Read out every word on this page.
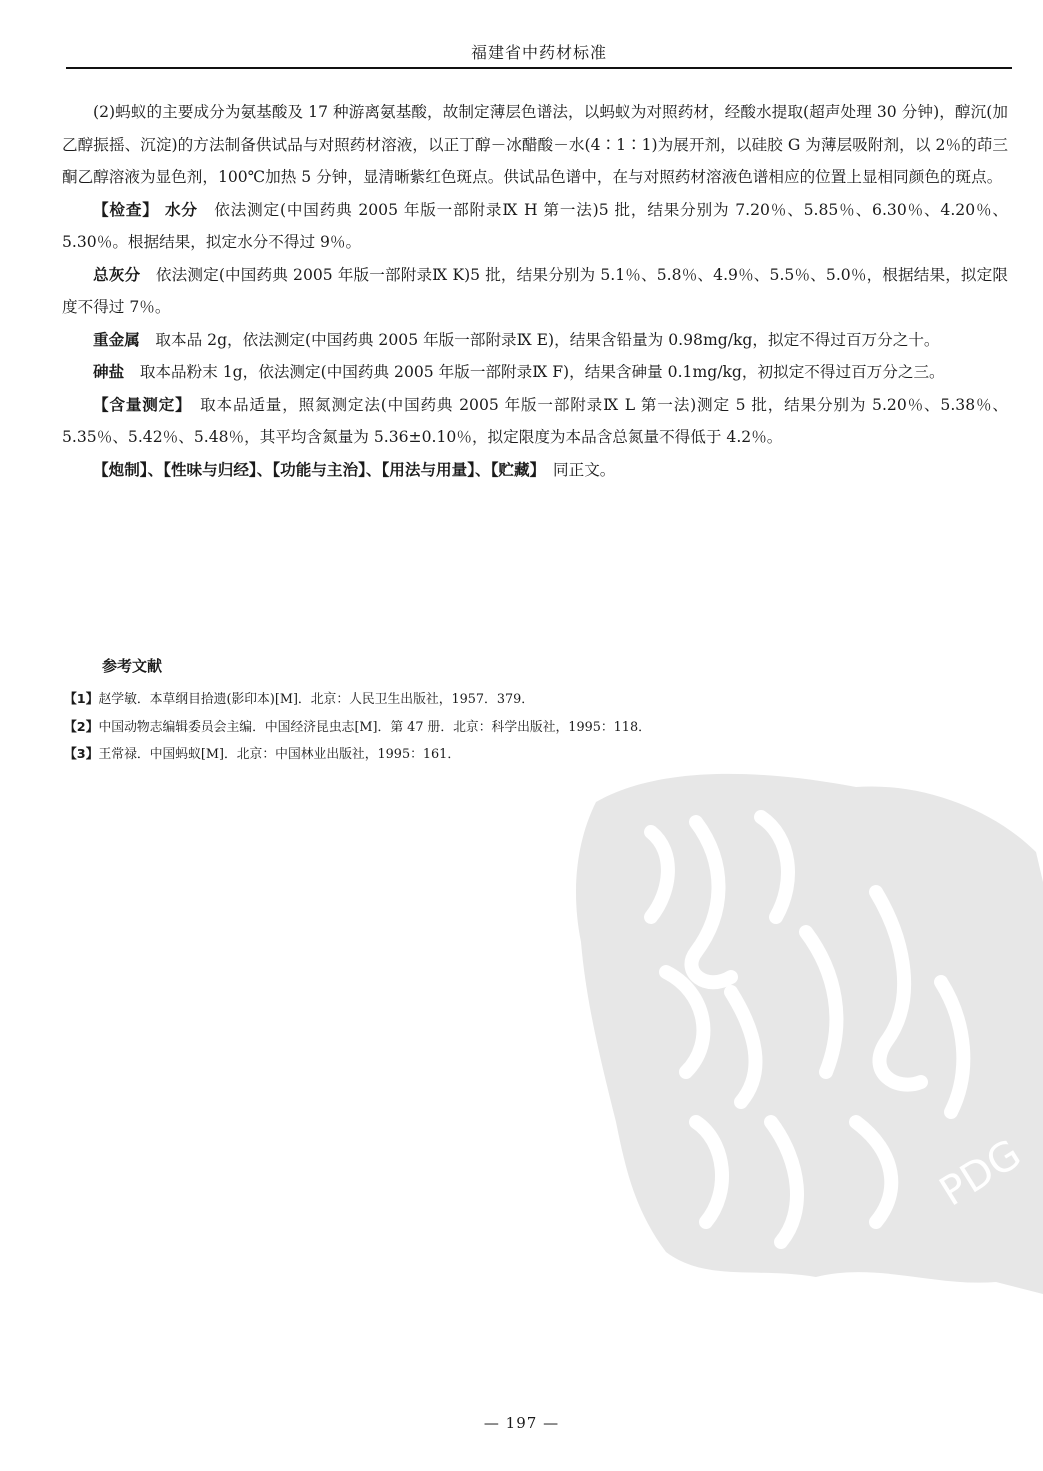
福建省中药材标准

(2)蚂蚁的主要成分为氨基酸及 17 种游离氨基酸，故制定薄层色谱法，以蚂蚁为对照药材，经酸水提取(超声处理 30 分钟)，醇沉(加乙醇振摇、沉淀)的方法制备供试品与对照药材溶液，以正丁醇－冰醋酸－水(4∶1∶1)为展开剂，以硅胶 G 为薄层吸附剂，以 2％的茚三酮乙醇溶液为显色剂，100℃加热 5 分钟，显清晰紫红色斑点。供试品色谱中，在与对照药材溶液色谱相应的位置上显相同颜色的斑点。

【检查】 水分　 依法测定(中国药典 2005 年版一部附录Ⅸ H 第一法)5 批，结果分别为 7.20％、5.85％、6.30％、4.20％、5.30％。根据结果，拟定水分不得过 9％。

总灰分　 依法测定(中国药典 2005 年版一部附录Ⅸ K)5 批，结果分别为 5.1％、5.8％、4.9％、5.5％、5.0％，根据结果，拟定限度不得过 7％。

重金属　 取本品 2g，依法测定(中国药典 2005 年版一部附录Ⅸ E)，结果含铅量为 0.98mg/kg，拟定不得过百万分之十。

砷盐　 取本品粉末 1g，依法测定(中国药典 2005 年版一部附录Ⅸ F)，结果含砷量 0.1mg/kg，初拟定不得过百万分之三。

【含量测定】　 取本品适量，照氮测定法(中国药典 2005 年版一部附录Ⅸ L 第一法)测定 5 批，结果分别为 5.20％、5.38％、5.35％、5.42％、5.48％，其平均含氮量为 5.36±0.10％，拟定限度为本品含总氮量不得低于 4.2％。

【炮制】、【性味与归经】、【功能与主治】、【用法与用量】、【贮藏】　 同正文。

参考文献
【1】赵学敏．本草纲目拾遗(影印本)[M]．北京：人民卫生出版社，1957．379．
【2】中国动物志编辑委员会主编．中国经济昆虫志[M]．第 47 册．北京：科学出版社，1995：118．
【3】王常禄．中国蚂蚁[M]．北京：中国林业出版社，1995：161．
PDG
— 197 —
